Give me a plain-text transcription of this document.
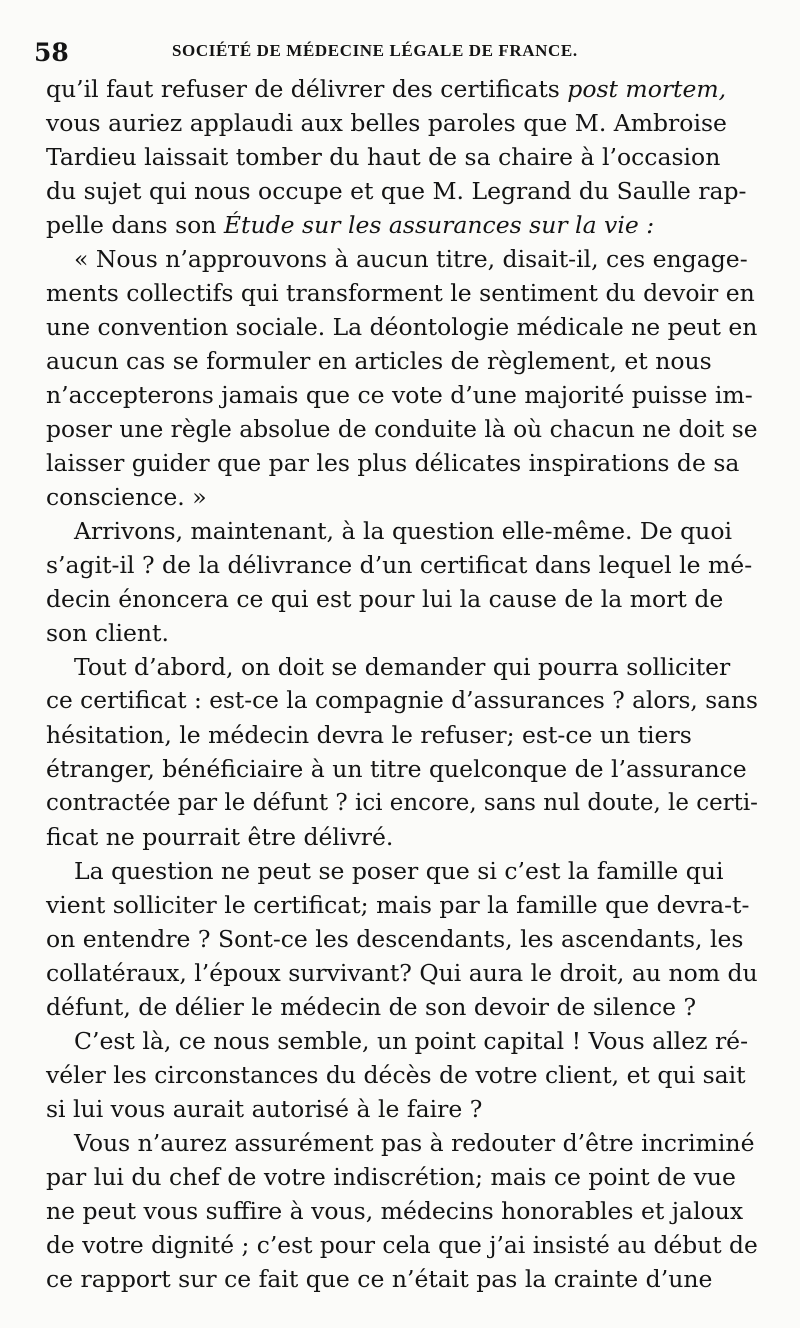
58	SOCIÉTÉ DE MÉDECINE LÉGALE DE FRANCE.
qu’il faut refuser de délivrer des certificats post mortem,
vous auriez applaudi aux belles paroles que M. Ambroise
Tardieu laissait tomber du haut de sa chaire à l’occasion
du sujet qui nous occupe et que M. Legrand du Saulle rap-
pelle dans son Étude sur les assurances sur la vie :
« Nous n’approuvons à aucun titre, disait-il, ces engage-
ments collectifs qui transforment le sentiment du devoir en
une convention sociale. La déontologie médicale ne peut en
aucun cas se formuler en articles de règlement, et nous
n’accepterons jamais que ce vote d’une majorité puisse im-
poser une règle absolue de conduite là où chacun ne doit se
laisser guider que par les plus délicates inspirations de sa
conscience. »
Arrivons, maintenant, à la question elle-même. De quoi
s’agit-il ? de la délivrance d’un certificat dans lequel le mé-
decin énoncera ce qui est pour lui la cause de la mort de
son client.
Tout d’abord, on doit se demander qui pourra solliciter
ce certificat : est-ce la compagnie d’assurances ? alors, sans
hésitation, le médecin devra le refuser; est-ce un tiers
étranger, bénéficiaire à un titre quelconque de l’assurance
contractée par le défunt ? ici encore, sans nul doute, le certi-
ficat ne pourrait être délivré.
La question ne peut se poser que si c’est la famille qui
vient solliciter le certificat; mais par la famille que devra-t-
on entendre ? Sont-ce les descendants, les ascendants, les
collatéraux, l’époux survivant? Qui aura le droit, au nom du
défunt, de délier le médecin de son devoir de silence ?
C’est là, ce nous semble, un point capital ! Vous allez ré-
véler les circonstances du décès de votre client, et qui sait
si lui vous aurait autorisé à le faire ?
Vous n’aurez assurément pas à redouter d’être incriminé
par lui du chef de votre indiscrétion; mais ce point de vue
ne peut vous suffire à vous, médecins honorables et jaloux
de votre dignité ; c’est pour cela que j’ai insisté au début de
ce rapport sur ce fait que ce n’était pas la crainte d’une
